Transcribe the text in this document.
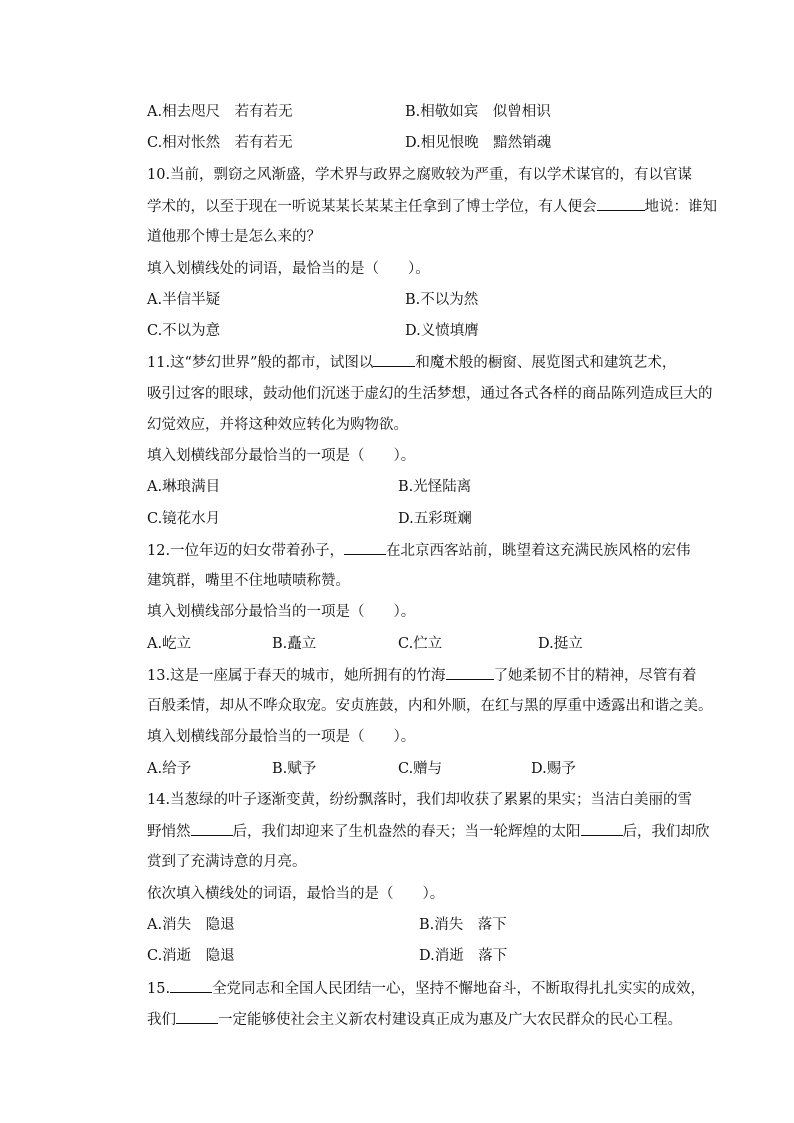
A.相去咫尺　若有若无	B.相敬如宾　似曾相识
C.相对怅然　若有若无	D.相见恨晚　黯然销魂
10.当前，剽窃之风渐盛，学术界与政界之腐败较为严重，有以学术谋官的，有以官谋
学术的，以至于现在一听说某某长某某主任拿到了博士学位，有人便会	地说：谁知
道他那个博士是怎么来的？
填入划横线处的词语，最恰当的是（　　）。
A.半信半疑	B.不以为然
C.不以为意	D.义愤填膺
11.这“梦幻世界”般的都市，试图以	和魔术般的橱窗、展览图式和建筑艺术，
吸引过客的眼球，鼓动他们沉迷于虚幻的生活梦想，通过各式各样的商品陈列造成巨大的
幻觉效应，并将这种效应转化为购物欲。
填入划横线部分最恰当的一项是（　　）。
A.琳琅满目	B.光怪陆离
C.镜花水月	D.五彩斑斓
12.一位年迈的妇女带着孙子，	在北京西客站前，眺望着这充满民族风格的宏伟
建筑群，嘴里不住地啧啧称赞。
填入划横线部分最恰当的一项是（　　）。
A.屹立	B.矗立	C.伫立	D.挺立
13.这是一座属于春天的城市，她所拥有的竹海	了她柔韧不甘的精神，尽管有着
百般柔情，却从不哗众取宠。安贞旌鼓，内和外顺，在红与黑的厚重中透露出和谐之美。
填入划横线部分最恰当的一项是（　　）。
A.给予	B.赋予	C.赠与	D.赐予
14.当葱绿的叶子逐渐变黄，纷纷飘落时，我们却收获了累累的果实；当洁白美丽的雪
野悄然	后，我们却迎来了生机盎然的春天；当一轮辉煌的太阳	后，我们却欣
赏到了充满诗意的月亮。
依次填入横线处的词语，最恰当的是（　　）。
A.消失　隐退	B.消失　落下
C.消逝　隐退	D.消逝　落下
15.	全党同志和全国人民团结一心，坚持不懈地奋斗，不断取得扎扎实实的成效，
我们	一定能够使社会主义新农村建设真正成为惠及广大农民群众的民心工程。
